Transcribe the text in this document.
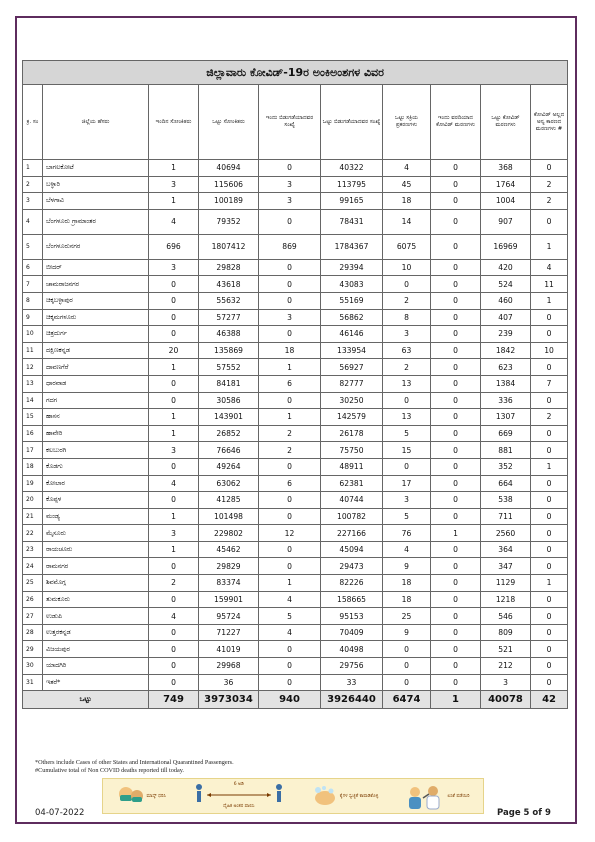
ಜಿಲ್ಲಾವಾರು ಕೋವಿಡ್-19ರ ಅಂಕಿಅಂಶಗಳ ವಿವರ									
ಕ್ರ. ಸಂ	ಜಿಲ್ಲೆಯ ಹೆಸರು	ಇಂದಿನ ಸೋಂಕಿತರು	ಒಟ್ಟು ಸೋಂಕಿತರು	ಇಂದು ಬಿಡುಗಡೆಯಾದವರ ಸಂಖ್ಯೆ	ಒಟ್ಟು ಬಿಡುಗಡೆಯಾದವರ ಸಂಖ್ಯೆ	ಒಟ್ಟು ಸಕ್ರಿಯ ಪ್ರಕರಣಗಳು	ಇಂದು ವರದಿಯಾದ ಕೋವಿಡ್ ಮರಣಗಳು	ಒಟ್ಟು ಕೋವಿಡ್ ಮರಣಗಳು	ಕೋವಿಡ್ ಅಲ್ಲದ ಅನ್ಯ ಕಾರಣದ ಮರಣಗಳು #
1	ಬಾಗಲಕೋಟೆ	1	40694	0	40322	4	0	368	0
2	ಬಳ್ಳಾರಿ	3	115606	3	113795	45	0	1764	2
3	ಬೆಳಗಾವಿ	1	100189	3	99165	18	0	1004	2
4	ಬೆಂಗಳೂರು ಗ್ರಾಮಾಂತರ	4	79352	0	78431	14	0	907	0
5	ಬೆಂಗಳೂರುನಗರ	696	1807412	869	1784367	6075	0	16969	1
6	ಬೀದರ್	3	29828	0	29394	10	0	420	4
7	ಚಾಮರಾಜನಗರ	0	43618	0	43083	0	0	524	11
8	ಚಿಕ್ಕಬಳ್ಳಾಪುರ	0	55632	0	55169	2	0	460	1
9	ಚಿಕ್ಕಮಗಳೂರು	0	57277	3	56862	8	0	407	0
10	ಚಿತ್ರದುರ್ಗ	0	46388	0	46146	3	0	239	0
11	ದಕ್ಷಿಣಕನ್ನಡ	20	135869	18	133954	63	0	1842	10
12	ದಾವಣಗೆರೆ	1	57552	1	56927	2	0	623	0
13	ಧಾರವಾಡ	0	84181	6	82777	13	0	1384	7
14	ಗದಗ	0	30586	0	30250	0	0	336	0
15	ಹಾಸನ	1	143901	1	142579	13	0	1307	2
16	ಹಾವೇರಿ	1	26852	2	26178	5	0	669	0
17	ಕಲಬುರಗಿ	3	76646	2	75750	15	0	881	0
18	ಕೊಡಗು	0	49264	0	48911	0	0	352	1
19	ಕೋಲಾರ	4	63062	6	62381	17	0	664	0
20	ಕೊಪ್ಪಳ	0	41285	0	40744	3	0	538	0
21	ಮಂಡ್ಯ	1	101498	0	100782	5	0	711	0
22	ಮೈಸೂರು	3	229802	12	227166	76	1	2560	0
23	ರಾಯಚೂರು	1	45462	0	45094	4	0	364	0
24	ರಾಮನಗರ	0	29829	0	29473	9	0	347	0
25	ಶಿವಮೊಗ್ಗ	2	83374	1	82226	18	0	1129	1
26	ತುಮಕೂರು	0	159901	4	158665	18	0	1218	0
27	ಉಡುಪಿ	4	95724	5	95153	25	0	546	0
28	ಉತ್ತರಕನ್ನಡ	0	71227	4	70409	9	0	809	0
29	ವಿಜಯಪುರ	0	41019	0	40498	0	0	521	0
30	ಯಾದಗಿರಿ	0	29968	0	29756	0	0	212	0
31	ಇತರೆ*	0	36	0	33	0	0	3	0
ಒಟ್ಟು		749	3973034	940	3926440	6474	1	40078	42
*Others include Cases of other States and International Quarantined Passengers.
#Cumulative total of Non COVID deaths reported till today.
ಮಾಸ್ಕ್ ಧರಿಸಿ
6 ಅಡಿ
ದೈಹಿಕ ಅಂತರ ಪಾಲಿಸಿ
ಕೈಗಳ ಸ್ವಚ್ಛತೆ ಕಾಪಾಡಿಕೊಳ್ಳಿ	ಲಸಿಕೆ ಪಡೆಯಿರಿ
04-07-2022	Page 5 of 9
